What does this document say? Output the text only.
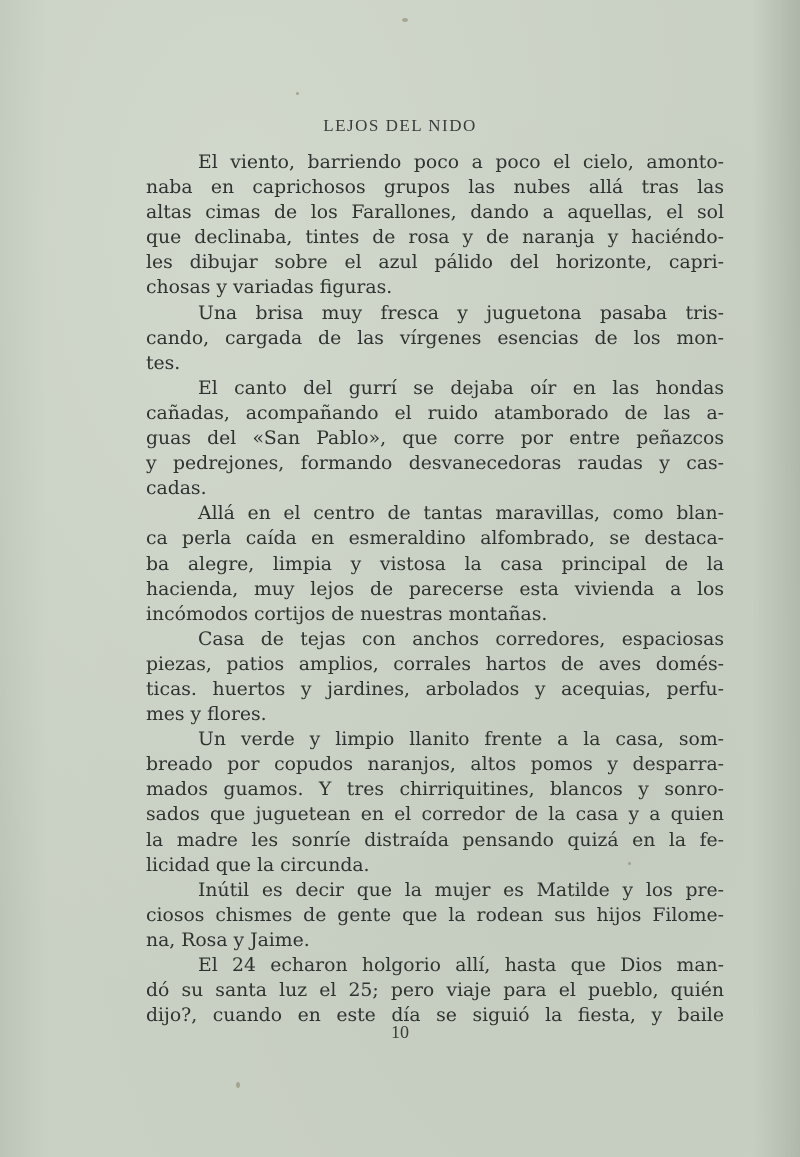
LEJOS DEL NIDO
El viento, barriendo poco a poco el cielo, amonto-
naba en caprichosos grupos las nubes allá tras las
altas cimas de los Farallones, dando a aquellas, el sol
que declinaba, tintes de rosa y de naranja y haciéndo-
les dibujar sobre el azul pálido del horizonte, capri-
chosas y variadas figuras.
Una brisa muy fresca y juguetona pasaba tris-
cando, cargada de las vírgenes esencias de los mon-
tes.
El canto del gurrí se dejaba oír en las hondas
cañadas, acompañando el ruido atamborado de las a-
guas del «San Pablo», que corre por entre peñazcos
y pedrejones, formando desvanecedoras raudas y cas-
cadas.
Allá en el centro de tantas maravillas, como blan-
ca perla caída en esmeraldino alfombrado, se destaca-
ba alegre, limpia y vistosa la casa principal de la
hacienda, muy lejos de parecerse esta vivienda a los
incómodos cortijos de nuestras montañas.
Casa de tejas con anchos corredores, espaciosas
piezas, patios amplios, corrales hartos de aves domés-
ticas. huertos y jardines, arbolados y acequias, perfu-
mes y flores.
Un verde y limpio llanito frente a la casa, som-
breado por copudos naranjos, altos pomos y desparra-
mados guamos. Y tres chirriquitines, blancos y sonro-
sados que juguetean en el corredor de la casa y a quien
la madre les sonríe distraída pensando quizá en la fe-
licidad que la circunda.
Inútil es decir que la mujer es Matilde y los pre-
ciosos chismes de gente que la rodean sus hijos Filome-
na, Rosa y Jaime.
El 24 echaron holgorio allí, hasta que Dios man-
dó su santa luz el 25; pero viaje para el pueblo, quién
dijo?, cuando en este día se siguió la fiesta, y baile
10
